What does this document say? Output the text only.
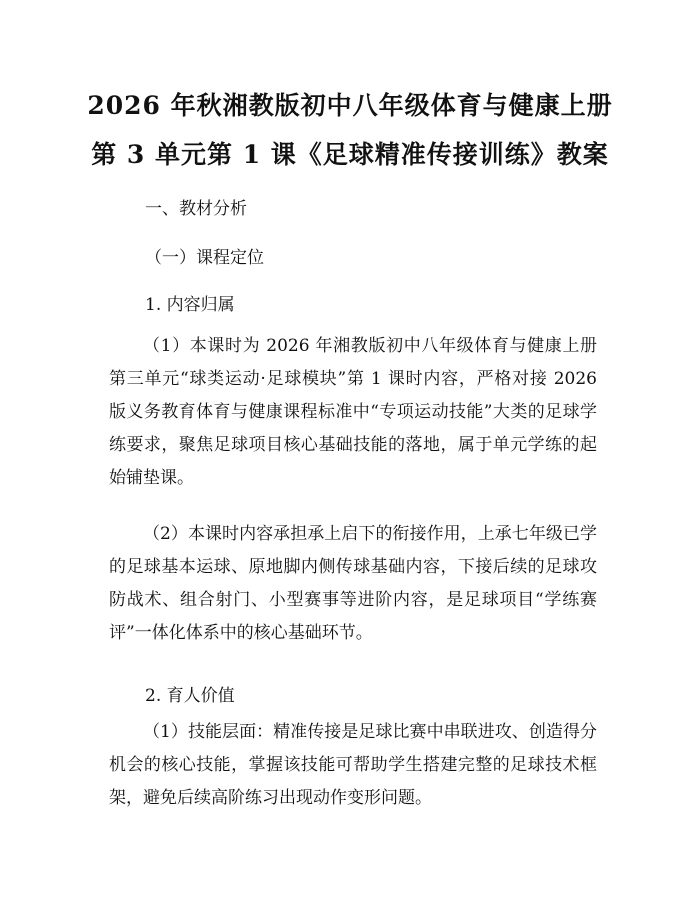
2026 年秋湘教版初中八年级体育与健康上册
第 3 单元第 1 课《足球精准传接训练》教案
一、教材分析
（一）课程定位
1. 内容归属
（1）本课时为 2026 年湘教版初中八年级体育与健康上册第三单元“球类运动·足球模块”第 1 课时内容，严格对接 2026 版义务教育体育与健康课程标准中“专项运动技能”大类的足球学练要求，聚焦足球项目核心基础技能的落地，属于单元学练的起始铺垫课。
（2）本课时内容承担承上启下的衔接作用，上承七年级已学的足球基本运球、原地脚内侧传球基础内容，下接后续的足球攻防战术、组合射门、小型赛事等进阶内容，是足球项目“学练赛评”一体化体系中的核心基础环节。
2. 育人价值
（1）技能层面：精准传接是足球比赛中串联进攻、创造得分机会的核心技能，掌握该技能可帮助学生搭建完整的足球技术框架，避免后续高阶练习出现动作变形问题。
